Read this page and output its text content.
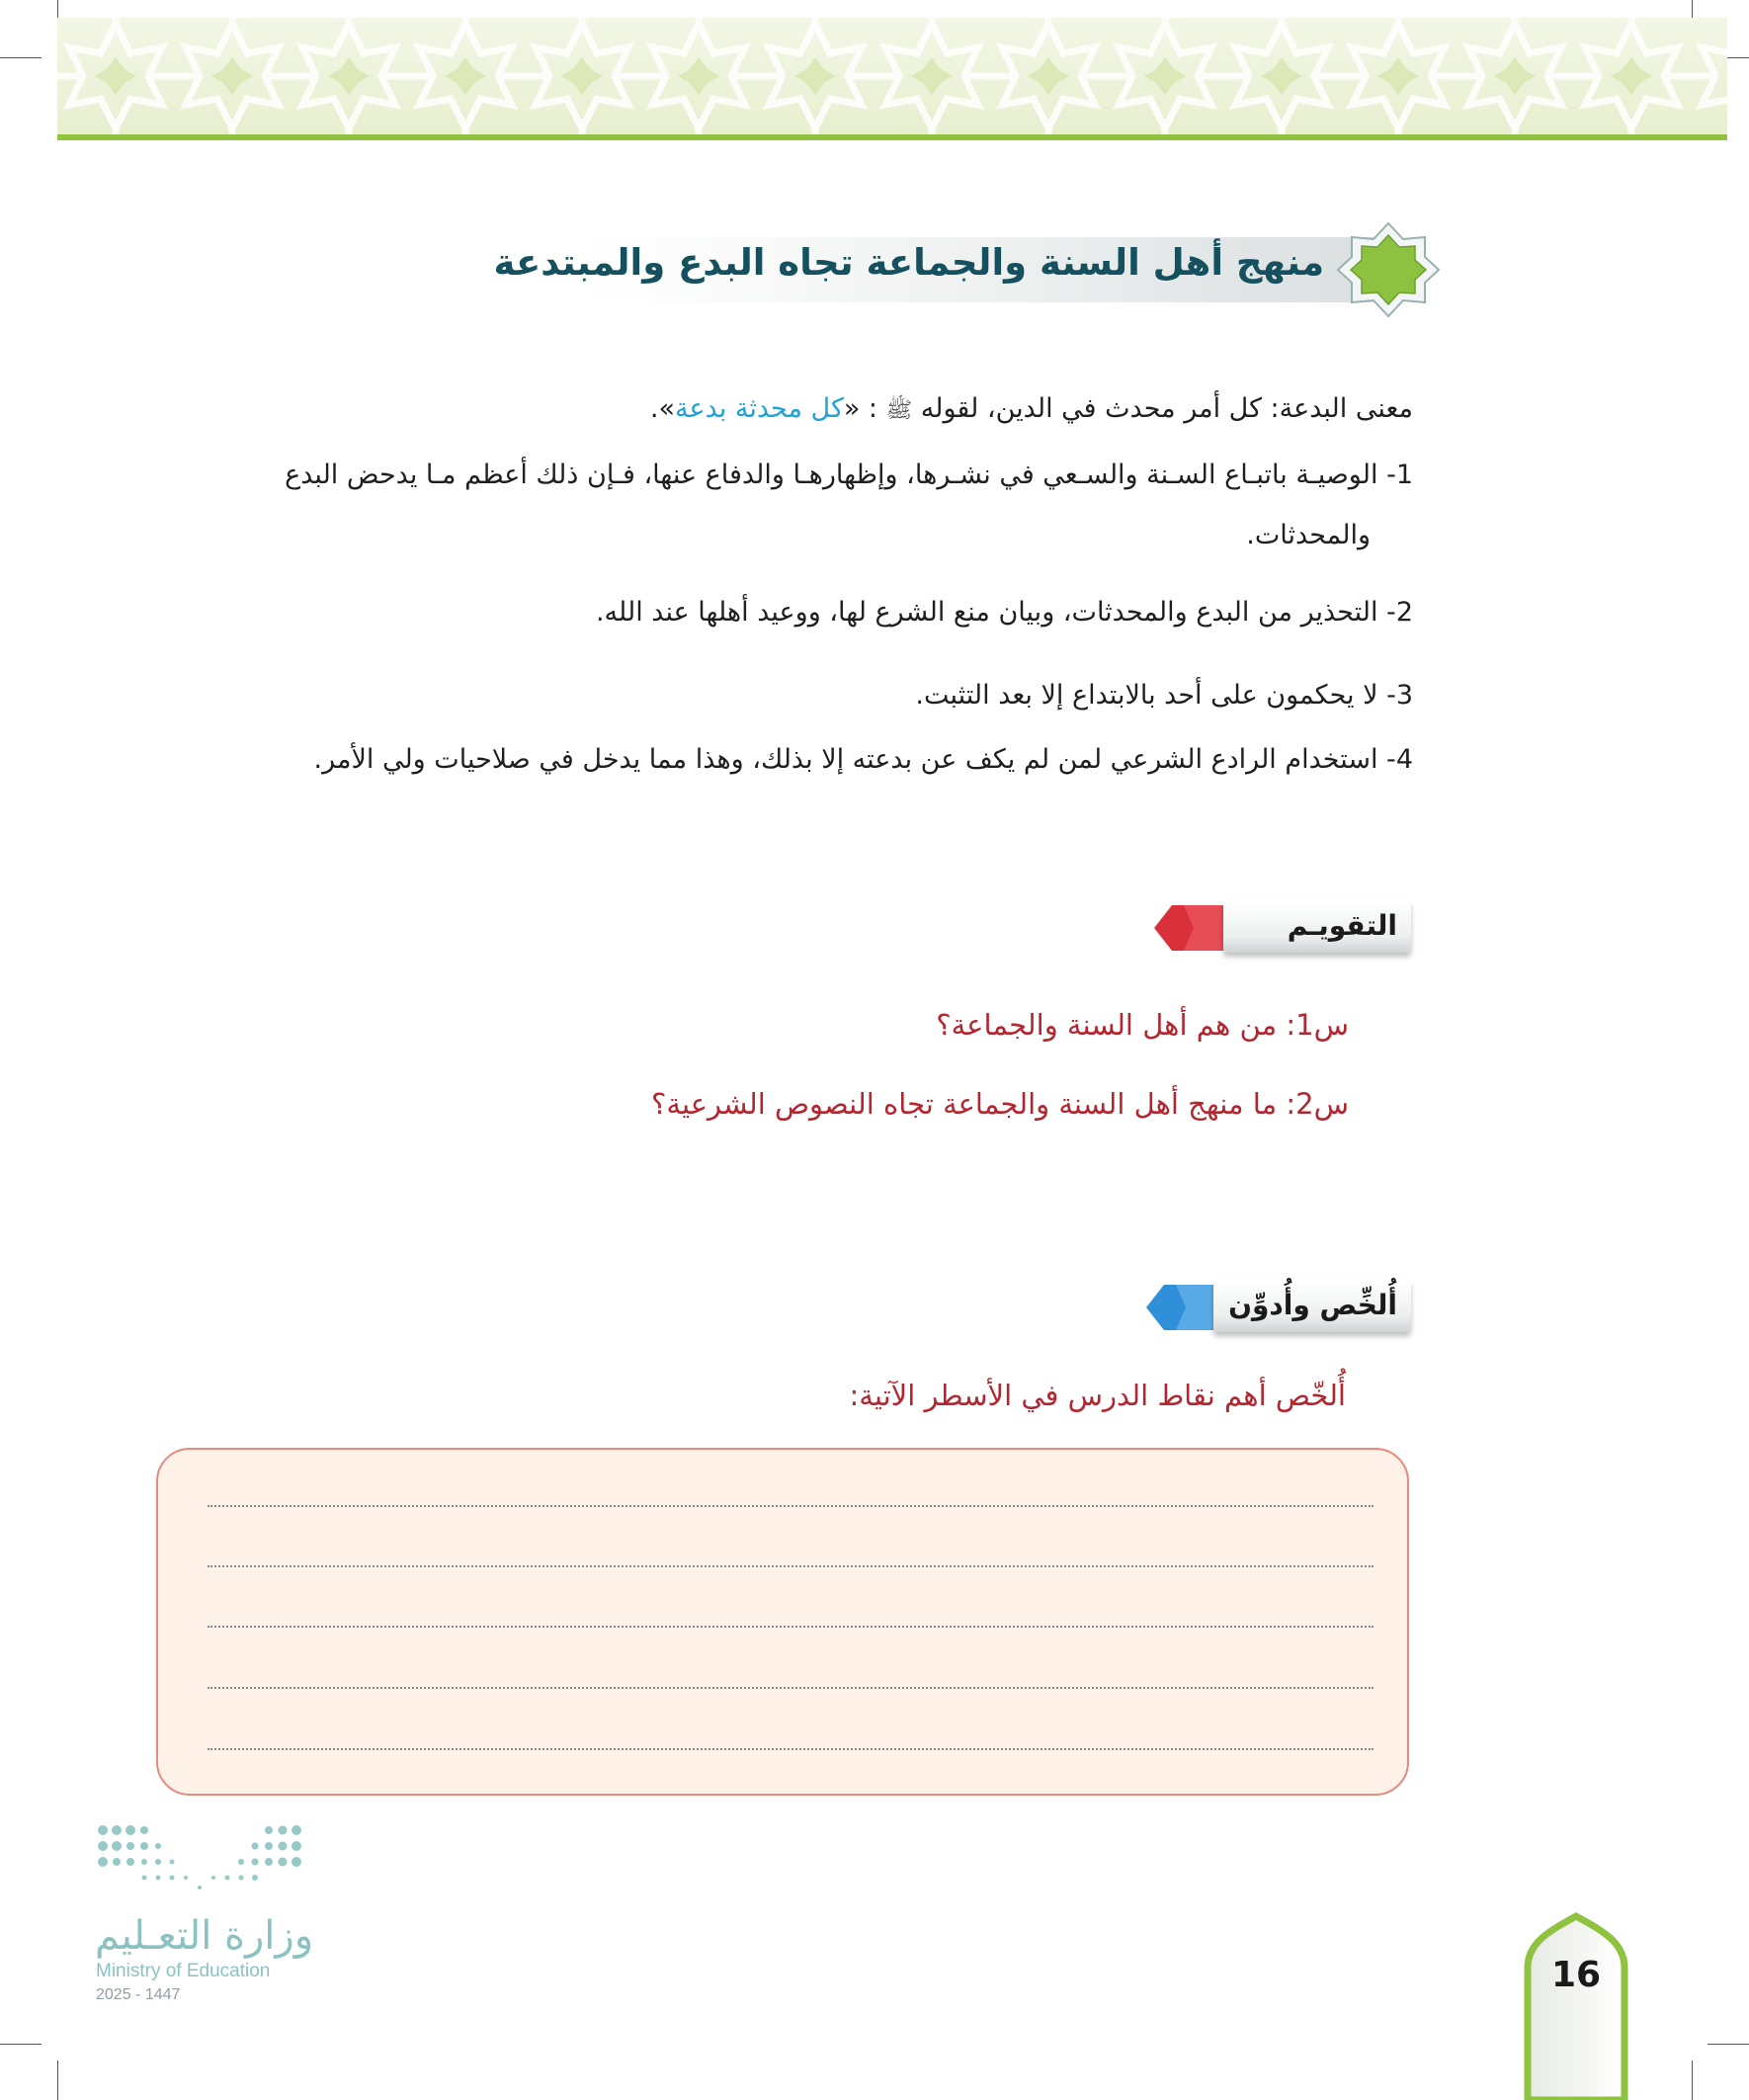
منهج أهل السنة والجماعة تجاه البدع والمبتدعة
معنى البدعة: كل أمر محدث في الدين، لقوله ﷺ : «كل محدثة بدعة».
1- الوصيـة باتبـاع السـنة والسـعي في نشـرها، وإظهارهـا والدفاع عنها، فـإن ذلك أعظم مـا يدحض البدع
والمحدثات.
2- التحذير من البدع والمحدثات، وبيان منع الشرع لها، ووعيد أهلها عند الله.
3- لا يحكمون على أحد بالابتداع إلا بعد التثبت.
4- استخدام الرادع الشرعي لمن لم يكف عن بدعته إلا بذلك، وهذا مما يدخل في صلاحيات ولي الأمر.
التقويـم
س1: من هم أهل السنة والجماعة؟
س2: ما منهج أهل السنة والجماعة تجاه النصوص الشرعية؟
أُلخِّص وأُدوِّن
أُلخّص أهم نقاط الدرس في الأسطر الآتية:
وزارة التعـليم
Ministry of Education
2025 - 1447	16
